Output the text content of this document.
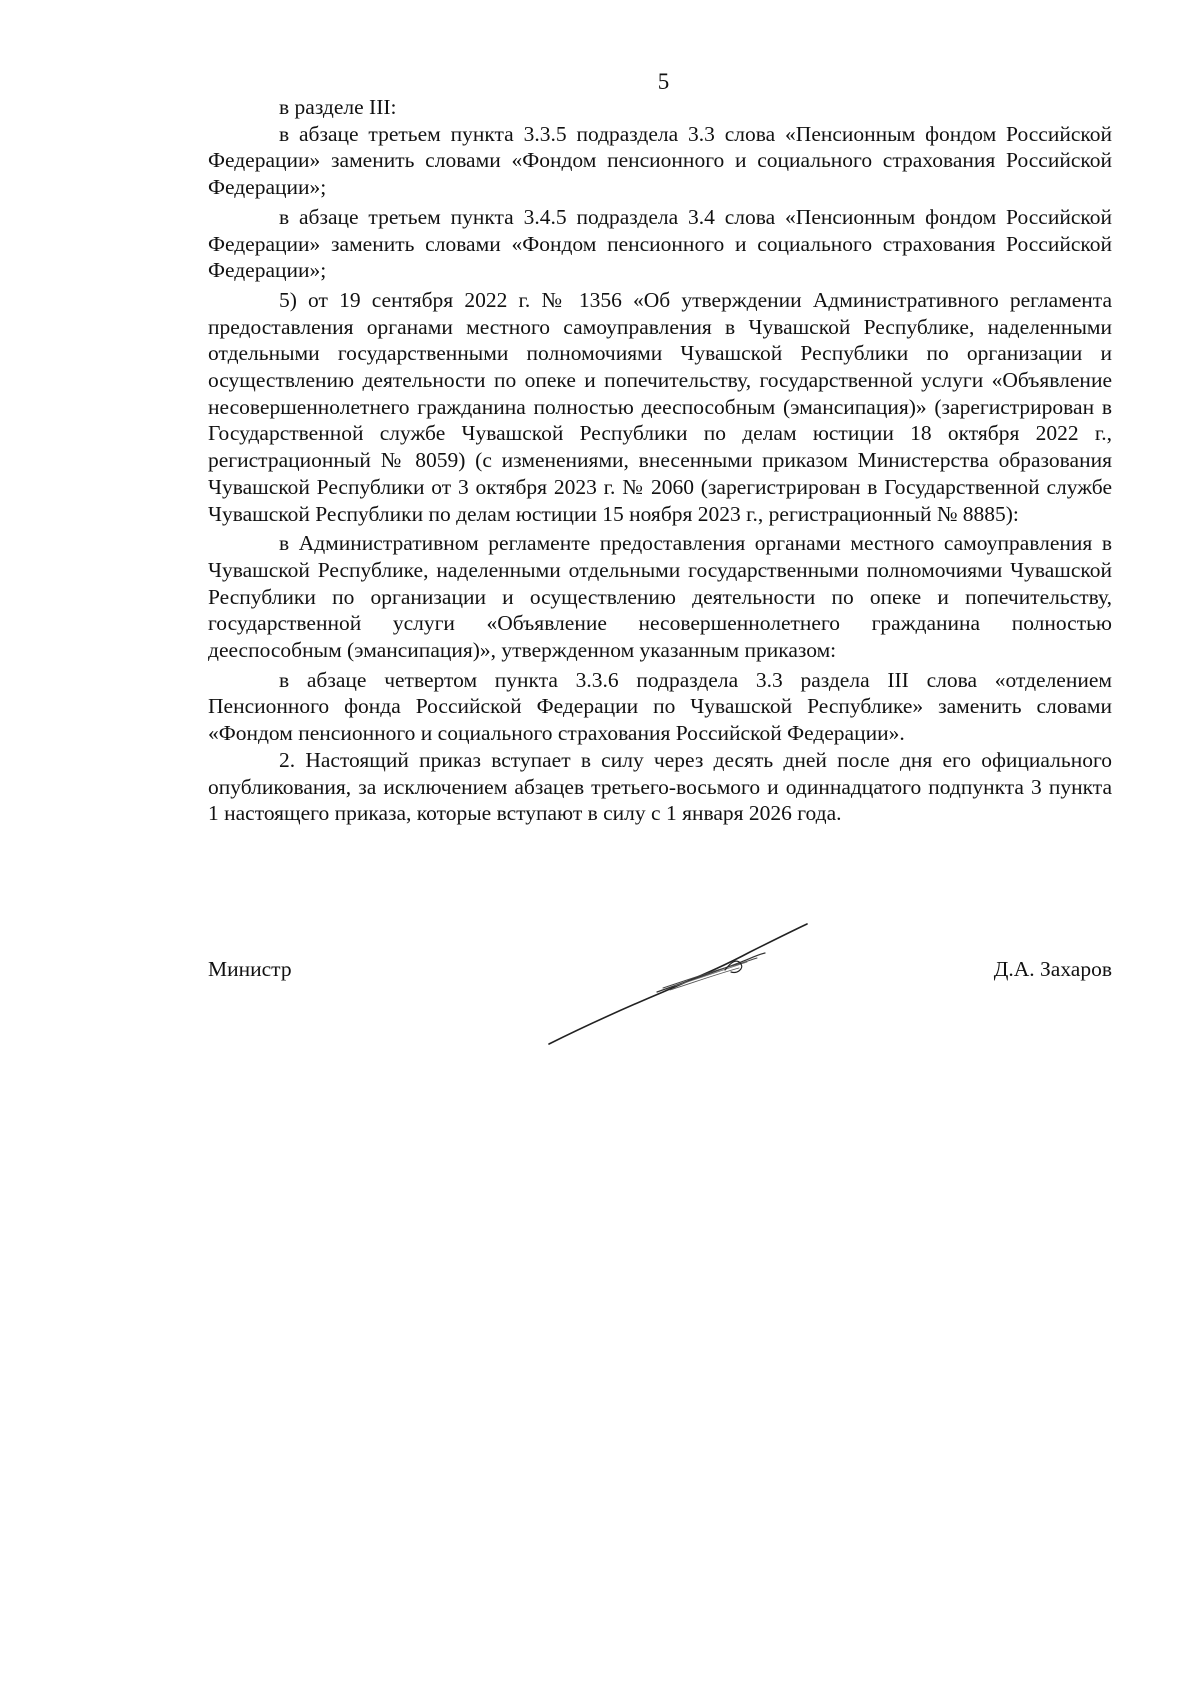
5

в разделе III:

в абзаце третьем пункта 3.3.5 подраздела 3.3 слова «Пенсионным фондом Российской Федерации» заменить словами «Фондом пенсионного и социального страхования Российской Федерации»;

в абзаце третьем пункта 3.4.5 подраздела 3.4 слова «Пенсионным фондом Российской Федерации» заменить словами «Фондом пенсионного и социального страхования Российской Федерации»;

5) от 19 сентября 2022 г. № 1356 «Об утверждении Административного регламента предоставления органами местного самоуправления в Чувашской Республике, наделенными отдельными государственными полномочиями Чувашской Республики по организации и осуществлению деятельности по опеке и попечительству, государственной услуги «Объявление несовершеннолетнего гражданина полностью дееспособным (эмансипация)» (зарегистрирован в Государственной службе Чувашской Республики по делам юстиции 18 октября 2022 г., регистрационный № 8059) (с изменениями, внесенными приказом Министерства образования Чувашской Республики от 3 октября 2023 г. № 2060 (зарегистрирован в Государственной службе Чувашской Республики по делам юстиции 15 ноября 2023 г., регистрационный № 8885):

в Административном регламенте предоставления органами местного самоуправления в Чувашской Республике, наделенными отдельными государственными полномочиями Чувашской Республики по организации и осуществлению деятельности по опеке и попечительству, государственной услуги «Объявление несовершеннолетнего гражданина полностью дееспособным (эмансипация)», утвержденном указанным приказом:

в абзаце четвертом пункта 3.3.6 подраздела 3.3 раздела III слова «отделением Пенсионного фонда Российской Федерации по Чувашской Республике» заменить словами «Фондом пенсионного и социального страхования Российской Федерации».

2. Настоящий приказ вступает в силу через десять дней после дня его официального опубликования, за исключением абзацев третьего-восьмого и одиннадцатого подпункта 3 пункта 1 настоящего приказа, которые вступают в силу с 1 января 2026 года.

Министр	Д.А. Захаров
